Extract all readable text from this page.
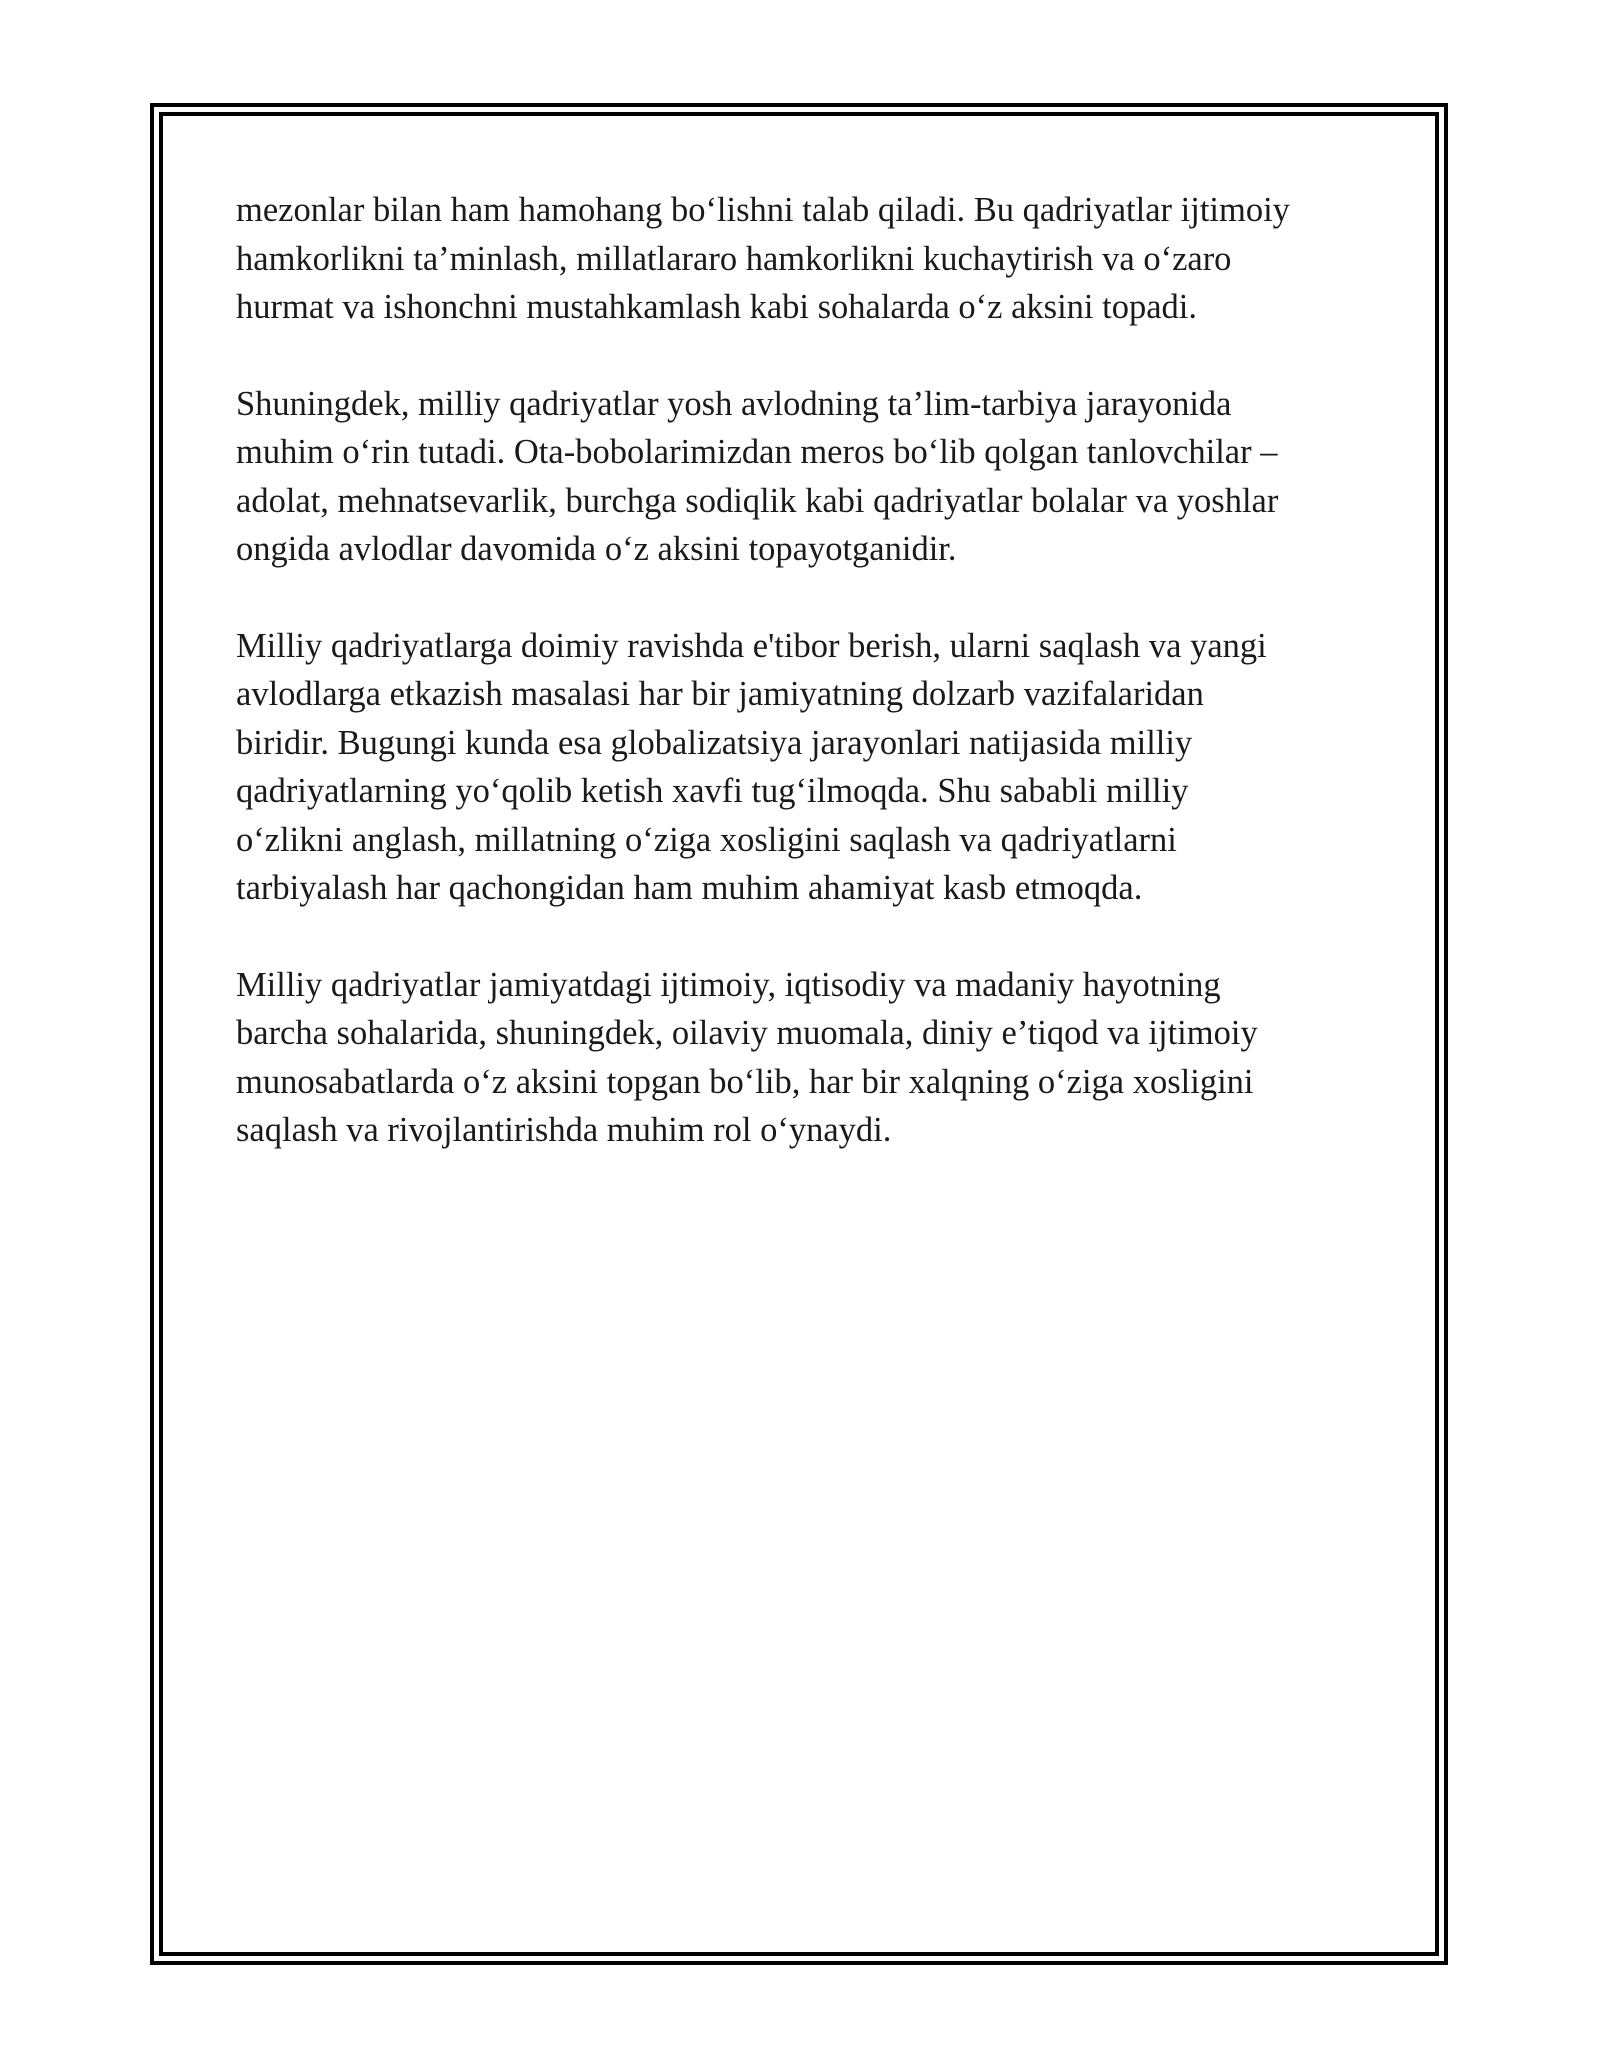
mezonlar bilan ham hamohang boʻlishni talab qiladi. Bu qadriyatlar ijtimoiy
hamkorlikni ta’minlash, millatlararo hamkorlikni kuchaytirish va oʻzaro
hurmat va ishonchni mustahkamlash kabi sohalarda oʻz aksini topadi.

Shuningdek, milliy qadriyatlar yosh avlodning ta’lim-tarbiya jarayonida
muhim oʻrin tutadi. Ota-bobolarimizdan meros boʻlib qolgan tanlovchilar –
adolat, mehnatsevarlik, burchga sodiqlik kabi qadriyatlar bolalar va yoshlar
ongida avlodlar davomida oʻz aksini topayotganidir.

Milliy qadriyatlarga doimiy ravishda e'tibor berish, ularni saqlash va yangi
avlodlarga etkazish masalasi har bir jamiyatning dolzarb vazifalaridan
biridir. Bugungi kunda esa globalizatsiya jarayonlari natijasida milliy
qadriyatlarning yoʻqolib ketish xavfi tugʻilmoqda. Shu sababli milliy
oʻzlikni anglash, millatning oʻziga xosligini saqlash va qadriyatlarni
tarbiyalash har qachongidan ham muhim ahamiyat kasb etmoqda.

Milliy qadriyatlar jamiyatdagi ijtimoiy, iqtisodiy va madaniy hayotning
barcha sohalarida, shuningdek, oilaviy muomala, diniy e’tiqod va ijtimoiy
munosabatlarda oʻz aksini topgan boʻlib, har bir xalqning oʻziga xosligini
saqlash va rivojlantirishda muhim rol oʻynaydi.
